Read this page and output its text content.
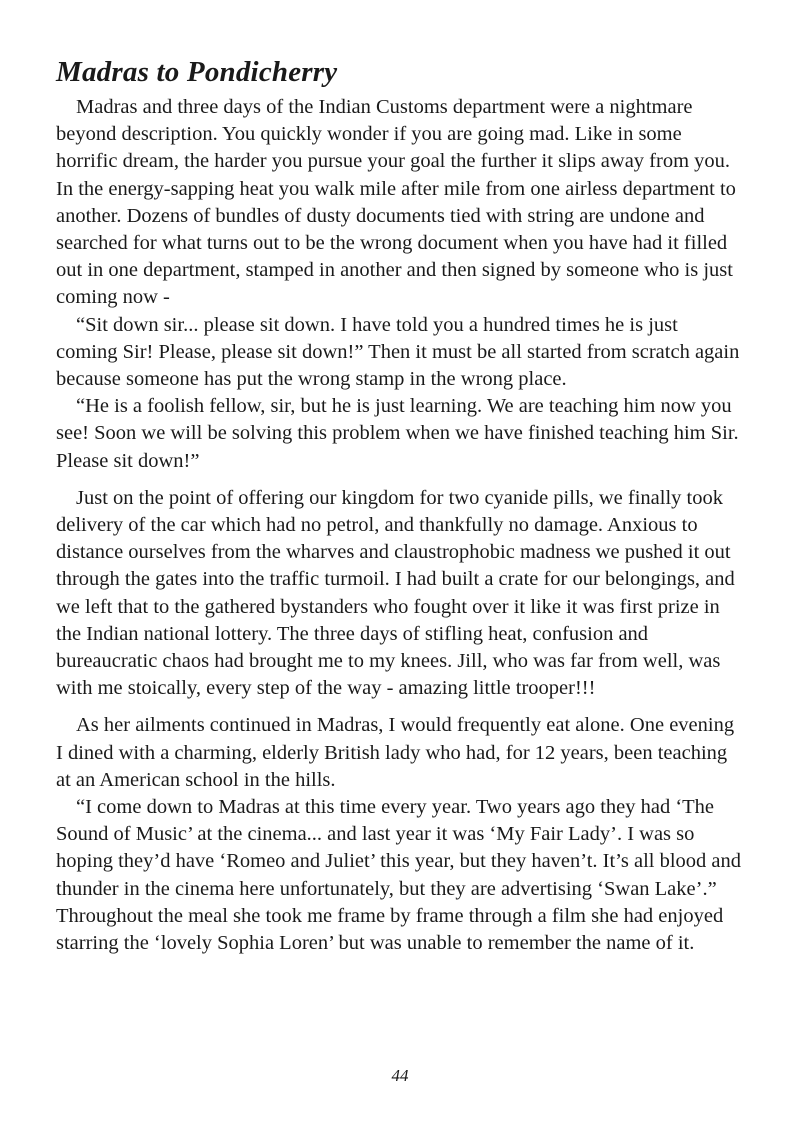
Madras to Pondicherry

Madras and three days of the Indian Customs department were a nightmare beyond description. You quickly wonder if you are going mad. Like in some horrific dream, the harder you pursue your goal the further it slips away from you. In the energy-sapping heat you walk mile after mile from one airless department to another. Dozens of bundles of dusty documents tied with string are undone and searched for what turns out to be the wrong document when you have had it filled out in one department, stamped in another and then signed by someone who is just coming now -

“Sit down sir... please sit down. I have told you a hundred times he is just coming Sir! Please, please sit down!” Then it must be all started from scratch again because someone has put the wrong stamp in the wrong place.

“He is a foolish fellow, sir, but he is just learning. We are teaching him now you see! Soon we will be solving this problem when we have finished teaching him Sir. Please sit down!”

Just on the point of offering our kingdom for two cyanide pills, we finally took delivery of the car which had no petrol, and thankfully no damage. Anxious to distance ourselves from the wharves and claustrophobic madness we pushed it out through the gates into the traffic turmoil. I had built a crate for our belongings, and we left that to the gathered bystanders who fought over it like it was first prize in the Indian national lottery. The three days of stifling heat, confusion and bureaucratic chaos had brought me to my knees. Jill, who was far from well, was with me stoically, every step of the way - amazing little trooper!!!

As her ailments continued in Madras, I would frequently eat alone. One evening I dined with a charming, elderly British lady who had, for 12 years, been teaching at an American school in the hills.

“I come down to Madras at this time every year. Two years ago they had ‘The Sound of Music’ at the cinema... and last year it was ‘My Fair Lady’. I was so hoping they’d have ‘Romeo and Juliet’ this year, but they haven’t. It’s all blood and thunder in the cinema here unfortunately, but they are advertising ‘Swan Lake’.” Throughout the meal she took me frame by frame through a film she had enjoyed starring the ‘lovely Sophia Loren’ but was unable to remember the name of it.

44
